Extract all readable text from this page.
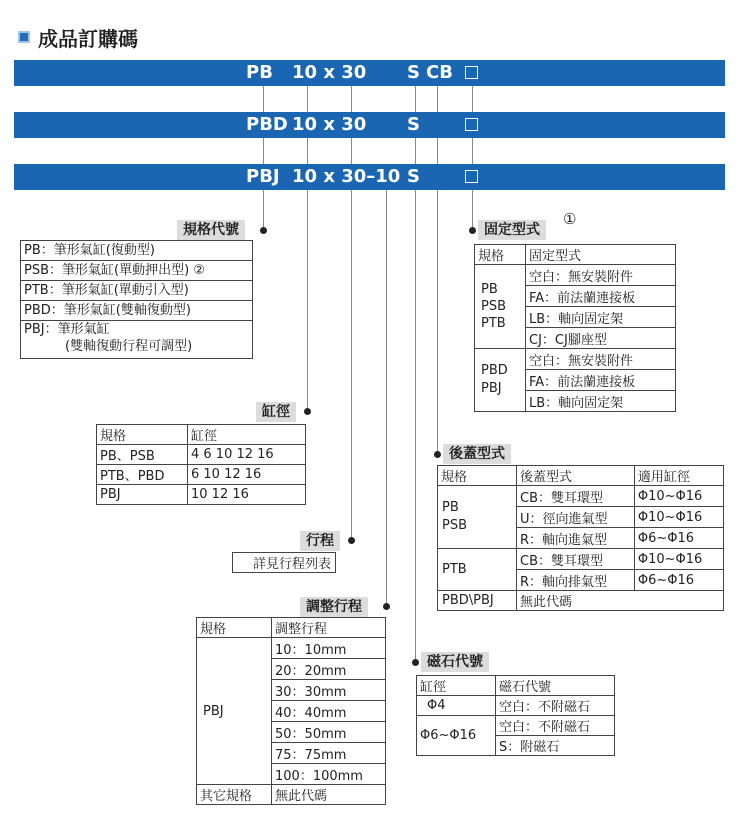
成品訂購碼
PB 10 x 30 S CB
PBD 10 x 30 S
PBJ 10 x 30–10 S
規格代號
PB：筆形氣缸(復動型)
PSB：筆形氣缸(單動押出型) ②
PTB：筆形氣缸(單動引入型)
PBD：筆形氣缸(雙軸復動型)
PBJ：筆形氣缸
(雙軸復動行程可調型)
缸徑
規格	缸徑
PB、PSB	4 6 10 12 16
PTB、PBD	6 10 12 16
PBJ	10 12 16
行程
詳見行程列表
調整行程
規格	調整行程
PBJ	10：10mm
	20：20mm
	30：30mm
	40：40mm
	50：50mm
	75：75mm
	100：100mm
其它規格	無此代碼
固定型式
①
規格	固定型式

PB
PSB
PTB	空白：無安裝附件
	FA：前法蘭連接板
	LB：軸向固定架
	CJ：CJ腳座型

PBD
PBJ	空白：無安裝附件
	FA：前法蘭連接板
	LB：軸向固定架
後蓋型式
規格	後蓋型式	適用缸徑

PB
PSB	CB：雙耳環型	Φ10~Φ16
	U：徑向進氣型	Φ10~Φ16
	R：軸向進氣型	Φ6~Φ16
PTB	CB：雙耳環型	Φ10~Φ16
	R：軸向排氣型	Φ6~Φ16
PBD\PBJ	無此代碼	
磁石代號
缸徑	磁石代號
Φ4	空白：不附磁石
Φ6~Φ16	空白：不附磁石
	S：附磁石
